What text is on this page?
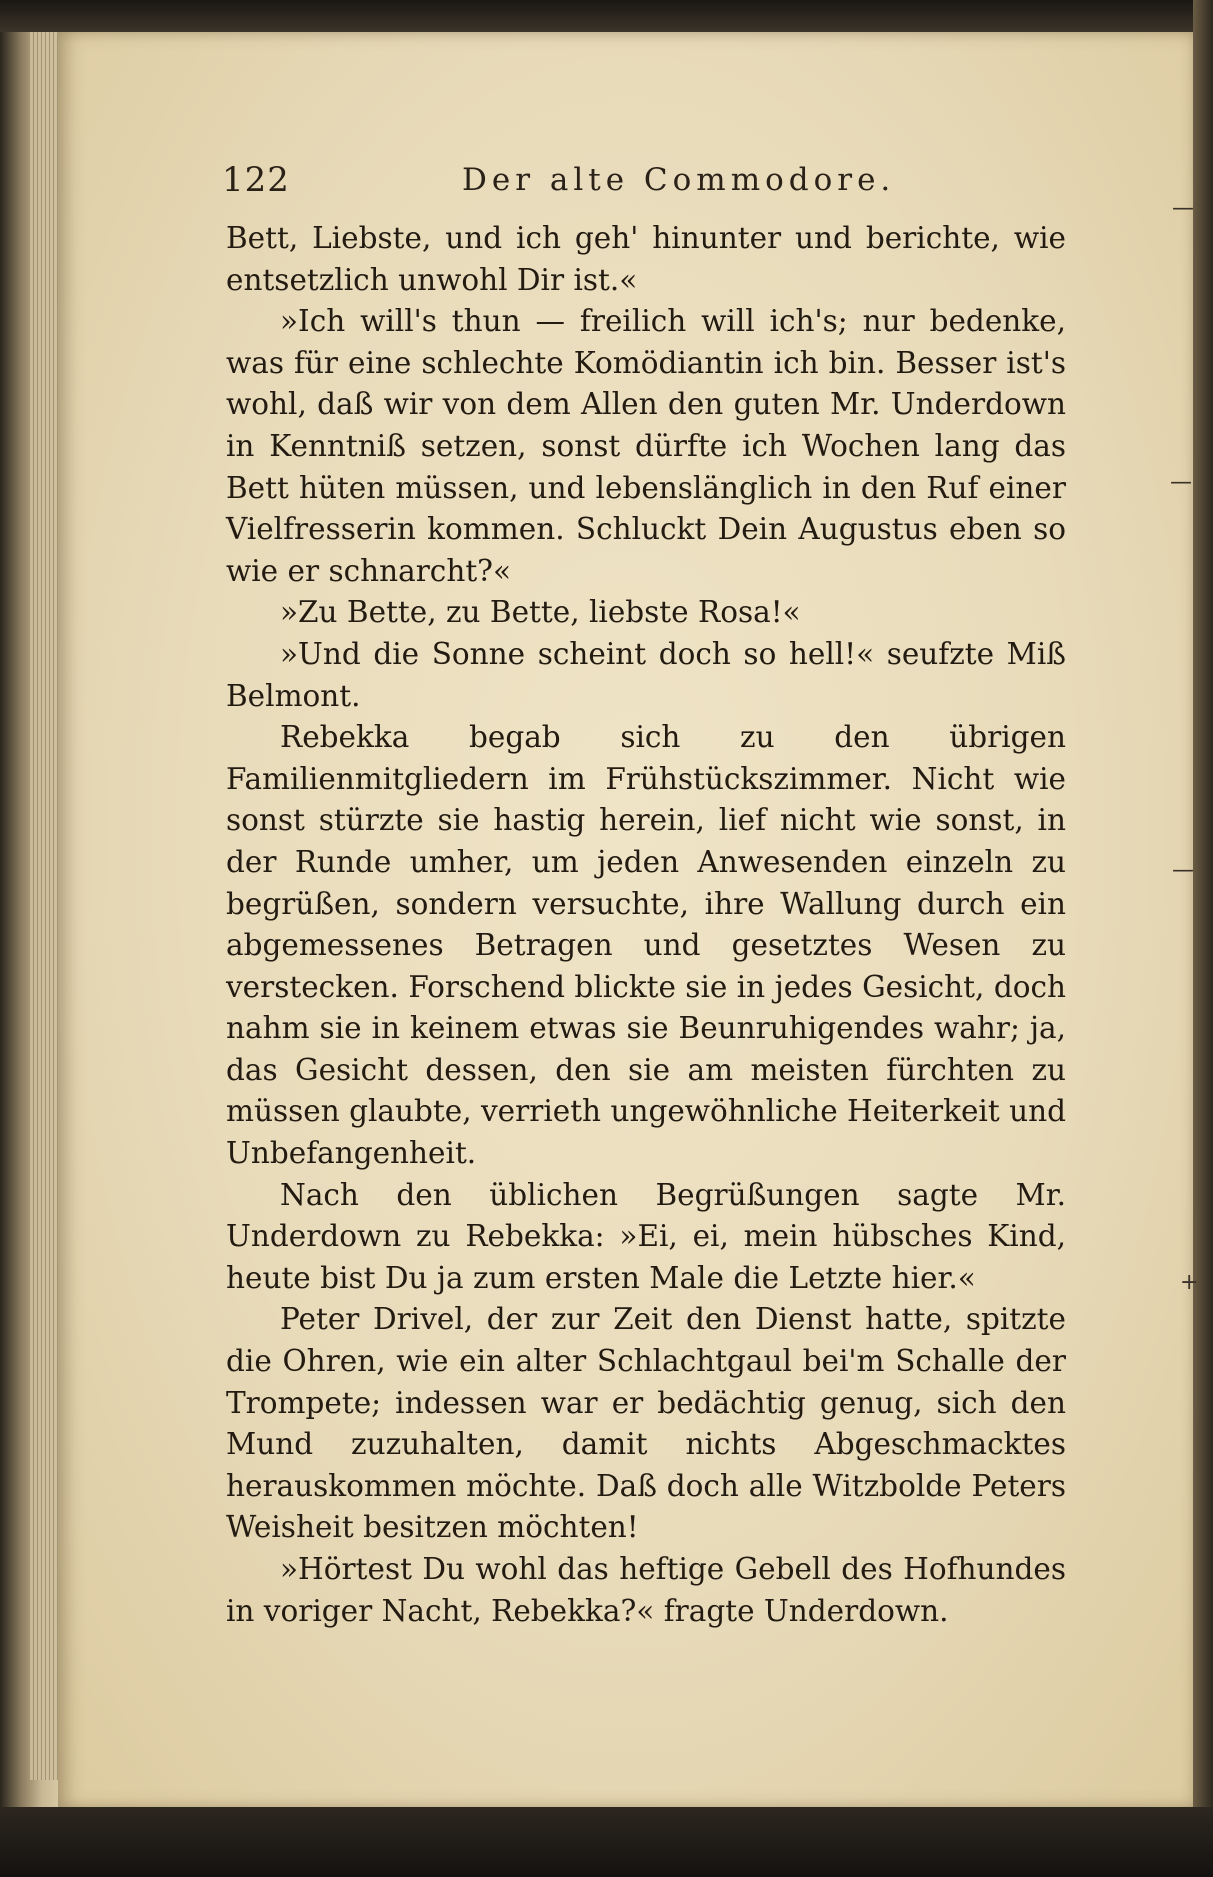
—
—
—
+
122	Der alte Commodore.

Bett, Liebste, und ich geh' hinunter und berichte, wie entsetzlich unwohl Dir ist.«

»Ich will's thun — freilich will ich's; nur bedenke, was für eine schlechte Komödiantin ich bin. Besser ist's wohl, daß wir von dem Allen den guten Mr. Underdown in Kenntniß setzen, sonst dürfte ich Wochen lang das Bett hüten müssen, und lebenslänglich in den Ruf einer Vielfresserin kommen. Schluckt Dein Augustus eben so wie er schnarcht?«

»Zu Bette, zu Bette, liebste Rosa!«

»Und die Sonne scheint doch so hell!« seufzte Miß Belmont.

Rebekka begab sich zu den übrigen Familienmitgliedern im Frühstückszimmer. Nicht wie sonst stürzte sie hastig herein, lief nicht wie sonst, in der Runde umher, um jeden Anwesenden einzeln zu begrüßen, sondern versuchte, ihre Wallung durch ein abgemessenes Betragen und gesetztes Wesen zu verstecken. Forschend blickte sie in jedes Gesicht, doch nahm sie in keinem etwas sie Beunruhigendes wahr; ja, das Gesicht dessen, den sie am meisten fürchten zu müssen glaubte, verrieth ungewöhnliche Heiterkeit und Unbefangenheit.

Nach den üblichen Begrüßungen sagte Mr. Underdown zu Rebekka: »Ei, ei, mein hübsches Kind, heute bist Du ja zum ersten Male die Letzte hier.«

Peter Drivel, der zur Zeit den Dienst hatte, spitzte die Ohren, wie ein alter Schlachtgaul bei'm Schalle der Trompete; indessen war er bedächtig genug, sich den Mund zuzuhalten, damit nichts Abgeschmacktes herauskommen möchte. Daß doch alle Witzbolde Peters Weisheit besitzen möchten!

»Hörtest Du wohl das heftige Gebell des Hofhundes in voriger Nacht, Rebekka?« fragte Underdown.
